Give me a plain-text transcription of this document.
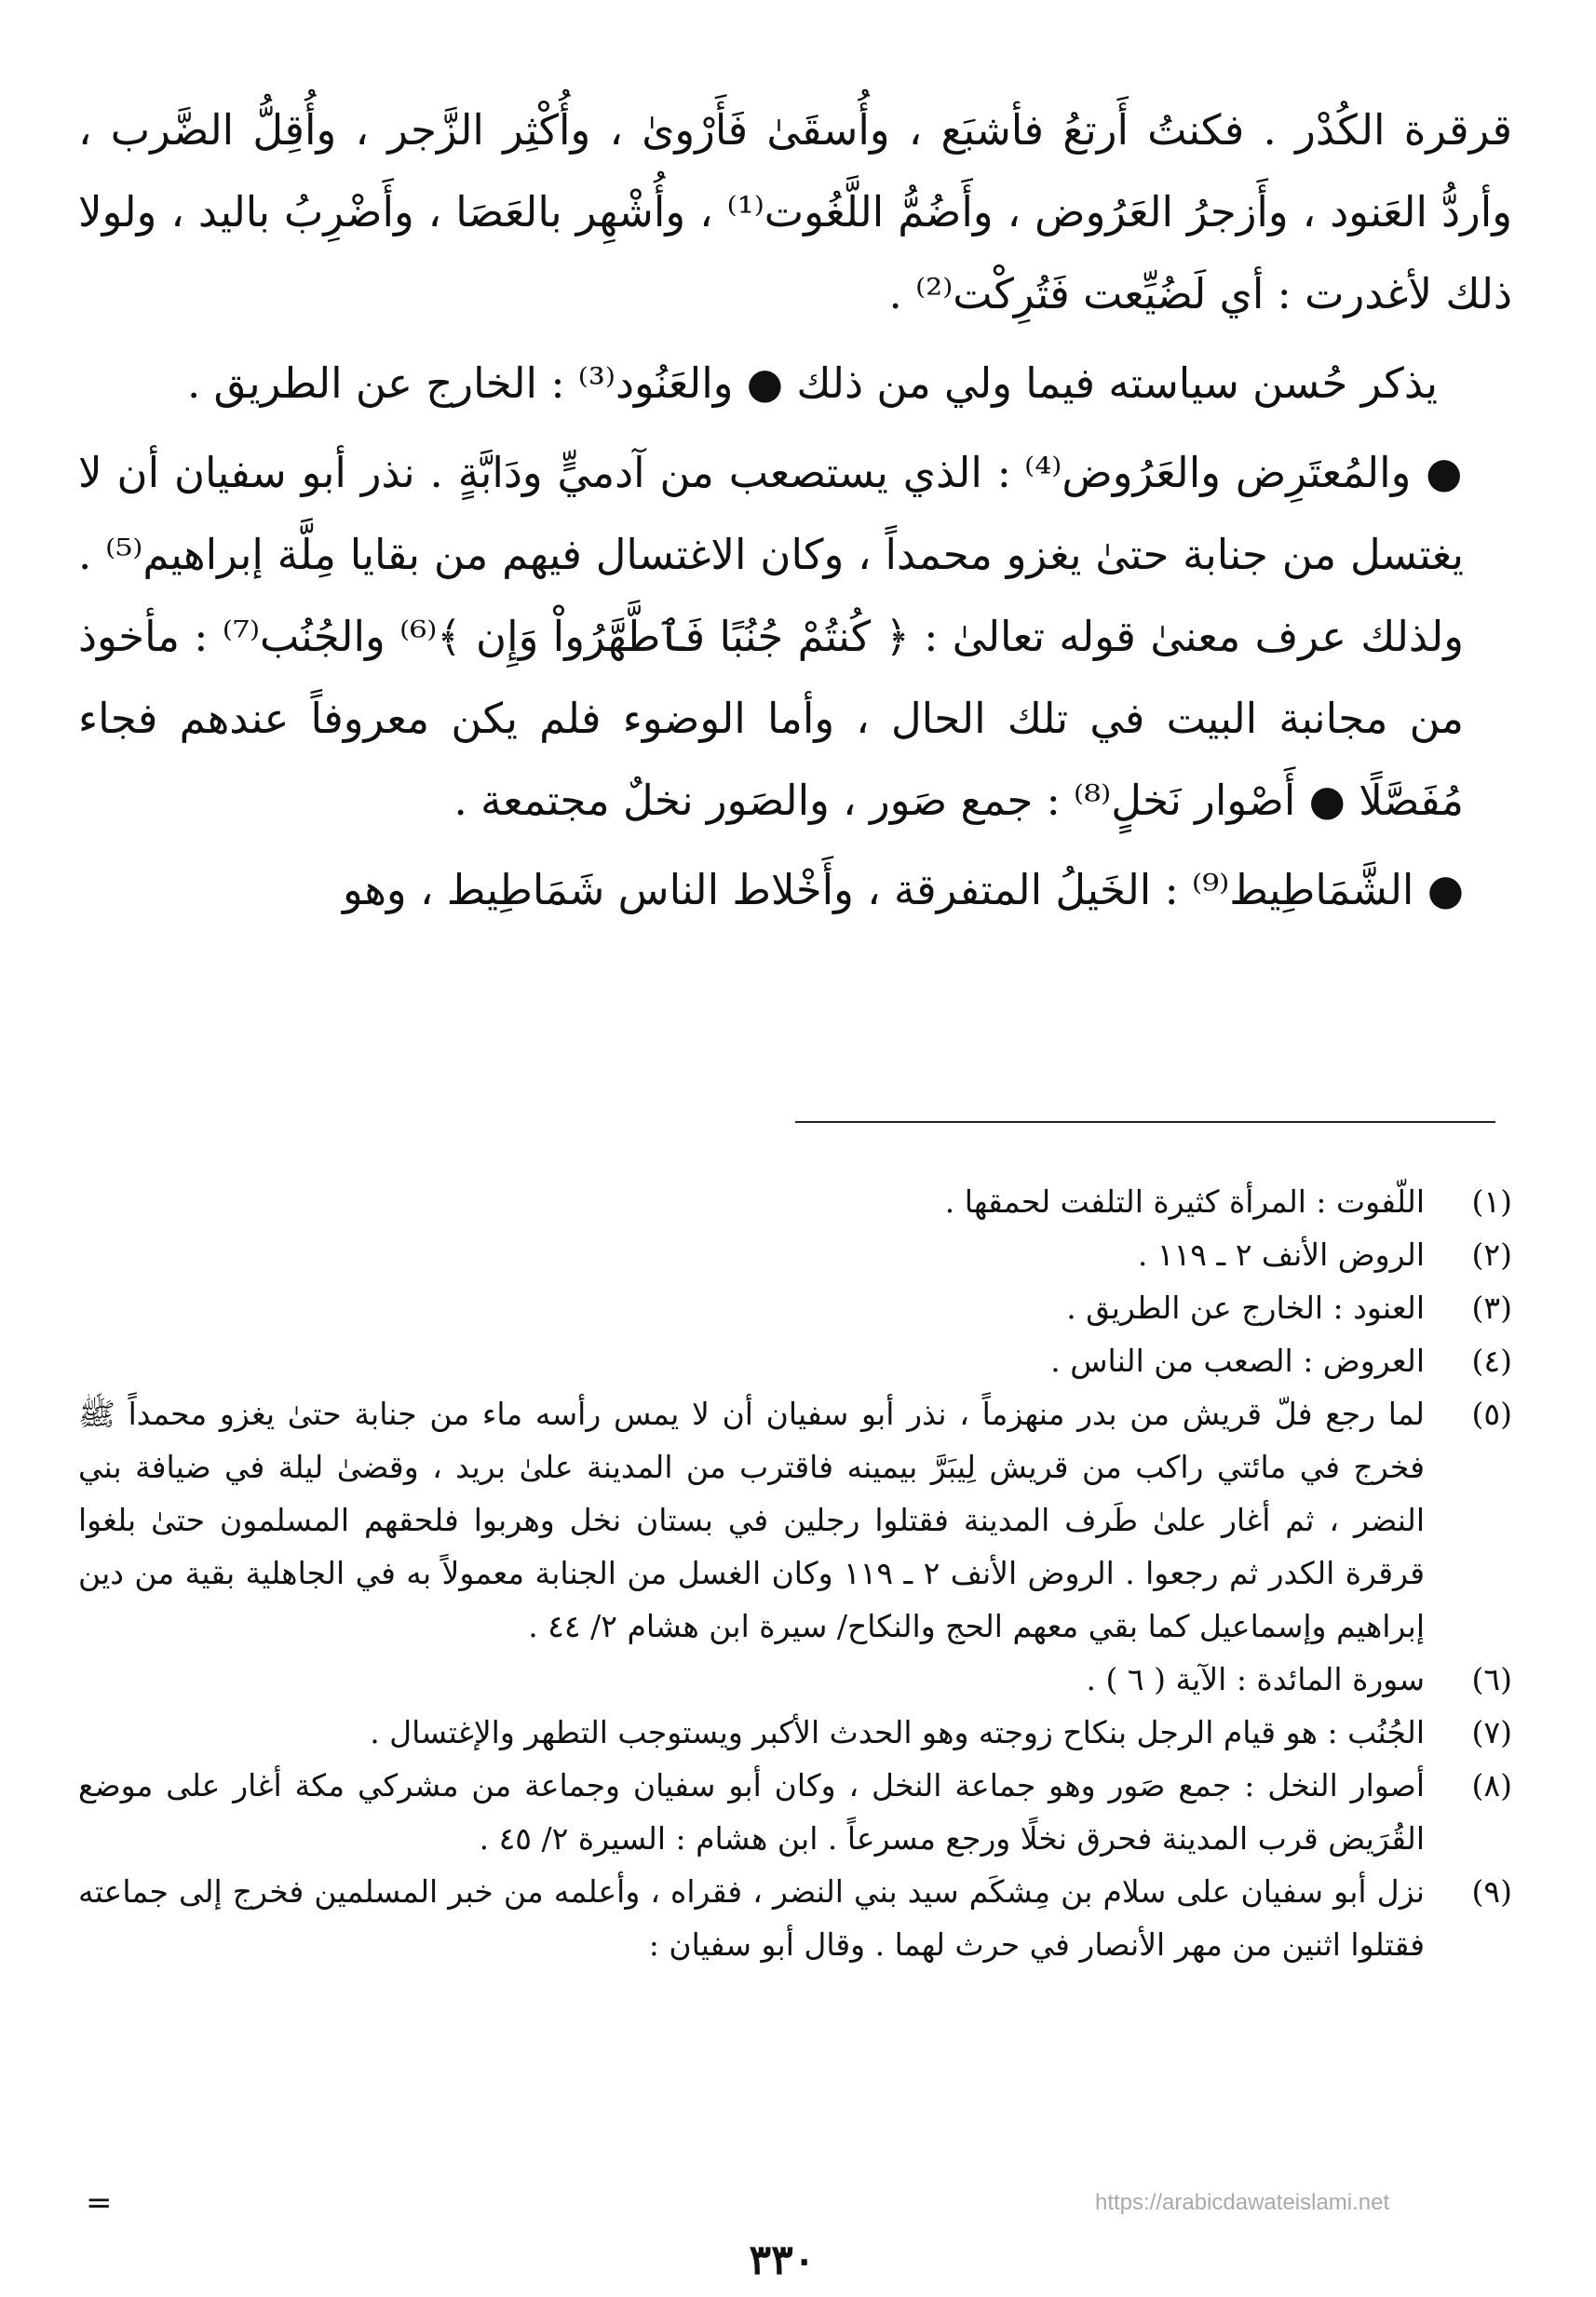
قرقرة الكُدْر . فكنتُ أَرتعُ فأشبَع ، وأُسقَىٰ فَأَرْوىٰ ، وأُكْثِر الزَّجر ، وأُقِلُّ الضَّرب ، وأردُّ العَنود ، وأَزجرُ العَرُوض ، وأَضُمُّ اللَّغُوت⁽¹⁾ ، وأُشْهِر بالعَصَا ، وأَضْرِبُ باليد ، ولولا ذلك لأغدرت : أي لَضُيِّعت فَتُرِكْت⁽²⁾ .

يذكر حُسن سياسته فيما ولي من ذلك ● والعَنُود⁽³⁾ : الخارج عن الطريق .

● والمُعتَرِض والعَرُوض⁽⁴⁾ : الذي يستصعب من آدميٍّ ودَابَّةٍ . نذر أبو سفيان أن لا يغتسل من جنابة حتىٰ يغزو محمداً ، وكان الاغتسال فيهم من بقايا مِلَّة إبراهيم⁽⁵⁾ . ولذلك عرف معنىٰ قوله تعالىٰ : ﴿ كُنتُمْ جُنُبًا فَٱطَّهَّرُواْ وَإِن ﴾⁽⁶⁾ والجُنُب⁽⁷⁾ : مأخوذ من مجانبة البيت في تلك الحال ، وأما الوضوء فلم يكن معروفاً عندهم فجاء مُفَصَّلًا ● أَصْوار نَخلٍ⁽⁸⁾ : جمع صَور ، والصَور نخلٌ مجتمعة .

● الشَّمَاطِيط⁽⁹⁾ : الخَيلُ المتفرقة ، وأَخْلاط الناس شَمَاطِيط ، وهو

(١)
اللّفوت : المرأة كثيرة التلفت لحمقها .
(٢)
الروض الأنف ٢ ـ ١١٩ .
(٣)
العنود : الخارج عن الطريق .
(٤)
العروض : الصعب من الناس .
(٥)
لما رجع فلّ قريش من بدر منهزماً ، نذر أبو سفيان أن لا يمس رأسه ماء من جنابة حتىٰ يغزو محمداً ﷺ فخرج في مائتي راكب من قريش لِيبَرَّ بيمينه فاقترب من المدينة علىٰ بريد ، وقضىٰ ليلة في ضيافة بني النضر ، ثم أغار علىٰ طَرف المدينة فقتلوا رجلين في بستان نخل وهربوا فلحقهم المسلمون حتىٰ بلغوا قرقرة الكدر ثم رجعوا . الروض الأنف ٢ ـ ١١٩ وكان الغسل من الجنابة معمولاً به في الجاهلية بقية من دين إبراهيم وإسماعيل كما بقي معهم الحج والنكاح/ سيرة ابن هشام ٢/ ٤٤ .
(٦)
سورة المائدة : الآية ( ٦ ) .
(٧)
الجُنُب : هو قيام الرجل بنكاح زوجته وهو الحدث الأكبر ويستوجب التطهر والإغتسال .
(٨)
أصوار النخل : جمع صَور وهو جماعة النخل ، وكان أبو سفيان وجماعة من مشركي مكة أغار على موضع القُرَيض قرب المدينة فحرق نخلًا ورجع مسرعاً . ابن هشام : السيرة ٢/ ٤٥ .
(٩)
نزل أبو سفيان على سلام بن مِشكَم سيد بني النضر ، فقراه ، وأعلمه من خبر المسلمين فخرج إلى جماعته فقتلوا اثنين من مهر الأنصار في حرث لهما . وقال أبو سفيان :
=	https://arabicdawateislami.net
٣٣٠
